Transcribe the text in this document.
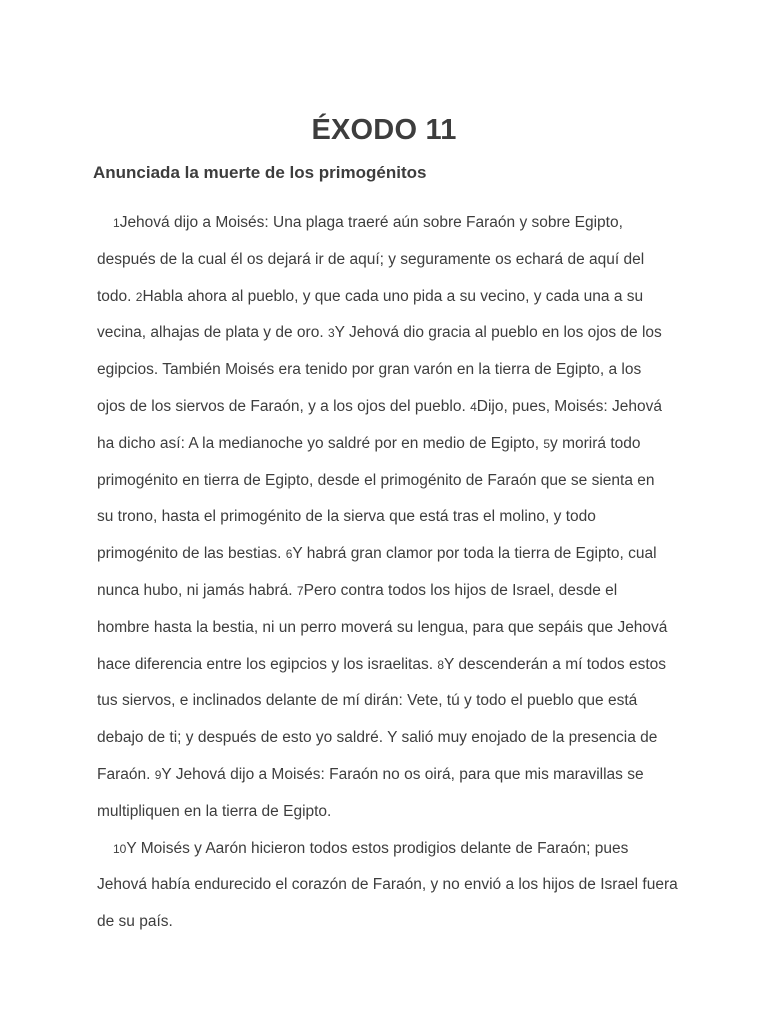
ÉXODO 11
Anunciada la muerte de los primogénitos

1Jehová dijo a Moisés: Una plaga traeré aún sobre Faraón y sobre Egipto,
después de la cual él os dejará ir de aquí; y seguramente os echará de aquí del
todo. 2Habla ahora al pueblo, y que cada uno pida a su vecino, y cada una a su
vecina, alhajas de plata y de oro. 3Y Jehová dio gracia al pueblo en los ojos de los
egipcios. También Moisés era tenido por gran varón en la tierra de Egipto, a los
ojos de los siervos de Faraón, y a los ojos del pueblo. 4Dijo, pues, Moisés: Jehová
ha dicho así: A la medianoche yo saldré por en medio de Egipto, 5y morirá todo
primogénito en tierra de Egipto, desde el primogénito de Faraón que se sienta en
su trono, hasta el primogénito de la sierva que está tras el molino, y todo
primogénito de las bestias. 6Y habrá gran clamor por toda la tierra de Egipto, cual
nunca hubo, ni jamás habrá. 7Pero contra todos los hijos de Israel, desde el
hombre hasta la bestia, ni un perro moverá su lengua, para que sepáis que Jehová
hace diferencia entre los egipcios y los israelitas. 8Y descenderán a mí todos estos
tus siervos, e inclinados delante de mí dirán: Vete, tú y todo el pueblo que está
debajo de ti; y después de esto yo saldré. Y salió muy enojado de la presencia de
Faraón. 9Y Jehová dijo a Moisés: Faraón no os oirá, para que mis maravillas se
multipliquen en la tierra de Egipto.

10Y Moisés y Aarón hicieron todos estos prodigios delante de Faraón; pues
Jehová había endurecido el corazón de Faraón, y no envió a los hijos de Israel fuera
de su país.
